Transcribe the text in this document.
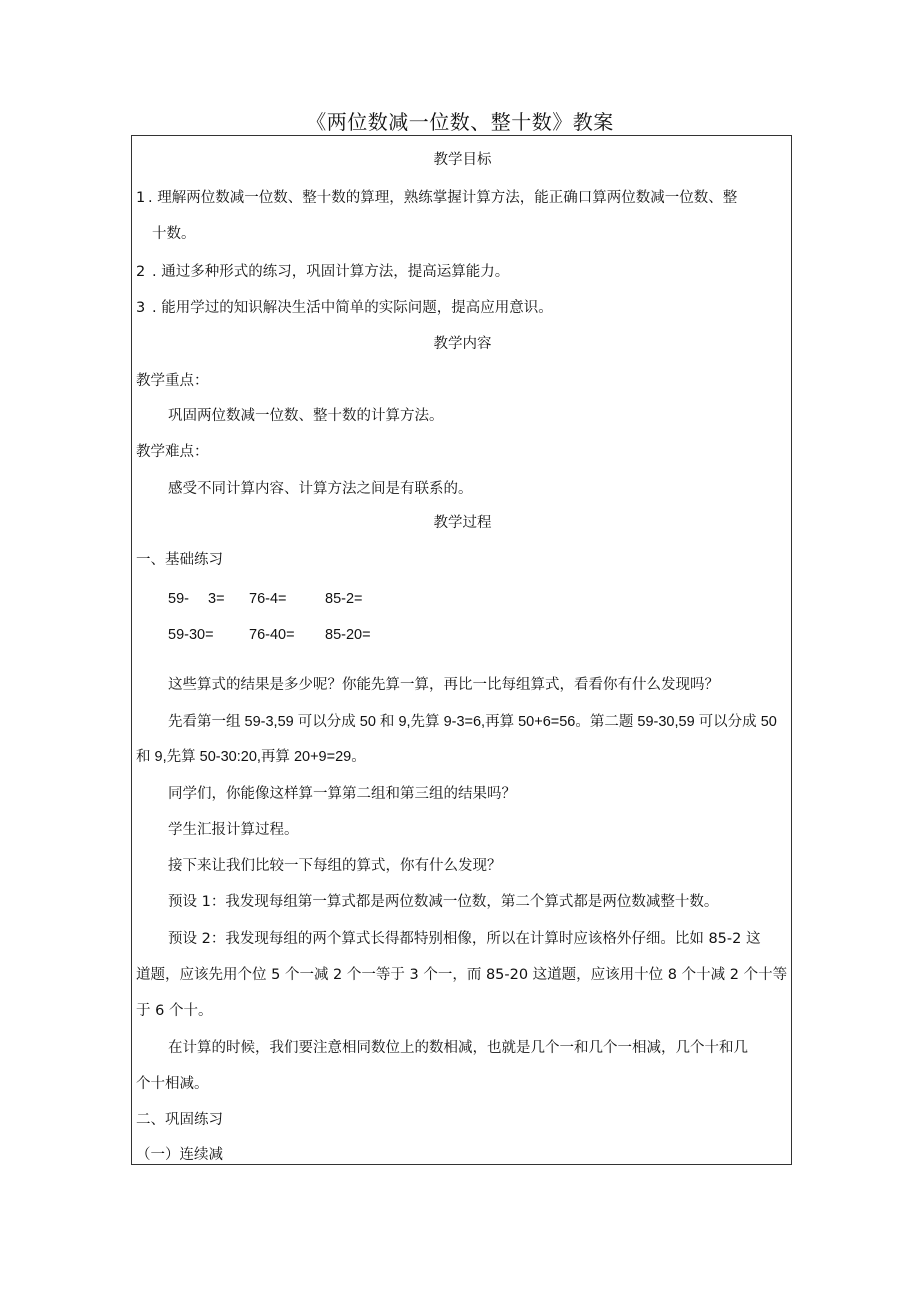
《两位数减一位数、整十数》教案
教学目标
1 . 理解两位数减一位数、整十数的算理，熟练掌握计算方法，能正确口算两位数减一位数、整
十数。
2 . 通过多种形式的练习，巩固计算方法，提高运算能力。
3 . 能用学过的知识解决生活中简单的实际问题，提高应用意识。
教学内容
教学重点：
巩固两位数减一位数、整十数的计算方法。
教学难点：
感受不同计算内容、计算方法之间是有联系的。
教学过程
一、基础练习
59- 3= 76-4=	85-2=
59-30= 76-40= 85-20=
这些算式的结果是多少呢？你能先算一算，再比一比每组算式，看看你有什么发现吗？
先看第一组 59-3,59 可以分成 50 和 9,先算 9-3=6,再算 50+6=56。第二题 59-30,59 可以分成 50
和 9,先算 50-30:20,再算 20+9=29。
同学们，你能像这样算一算第二组和第三组的结果吗？
学生汇报计算过程。
接下来让我们比较一下每组的算式，你有什么发现？
预设 1：我发现每组第一算式都是两位数减一位数，第二个算式都是两位数减整十数。
预设 2：我发现每组的两个算式长得都特别相像，所以在计算时应该格外仔细。比如 85-2 这
道题，应该先用个位 5 个一减 2 个一等于 3 个一，而 85-20 这道题，应该用十位 8 个十减 2 个十等
于 6 个十。
在计算的时候，我们要注意相同数位上的数相减，也就是几个一和几个一相减，几个十和几
个十相减。
二、巩固练习
（一）连续减
